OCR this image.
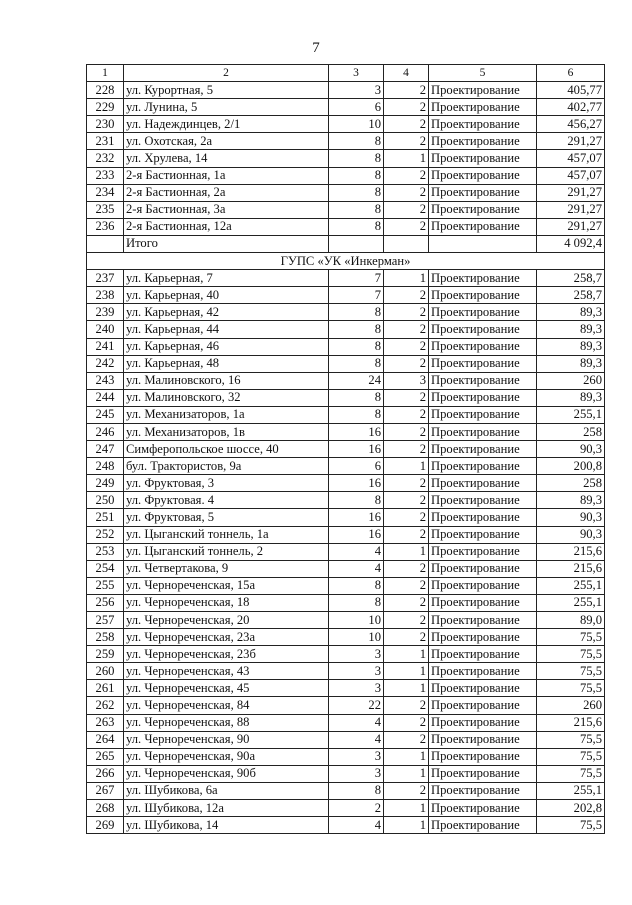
7
1	2	3	4	5	6
228	ул. Курортная, 5	3	2	Проектирование	405,77
229	ул. Лунина, 5	6	2	Проектирование	402,77
230	ул. Надеждинцев, 2/1	10	2	Проектирование	456,27
231	ул. Охотская, 2а	8	2	Проектирование	291,27
232	ул. Хрулева, 14	8	1	Проектирование	457,07
233	2-я Бастионная, 1а	8	2	Проектирование	457,07
234	2-я Бастионная, 2а	8	2	Проектирование	291,27
235	2-я Бастионная, 3а	8	2	Проектирование	291,27
236	2-я Бастионная, 12а	8	2	Проектирование	291,27
	Итого				4 092,4
ГУПС «УК «Инкерман»					
237	ул. Карьерная, 7	7	1	Проектирование	258,7
238	ул. Карьерная, 40	7	2	Проектирование	258,7
239	ул. Карьерная, 42	8	2	Проектирование	89,3
240	ул. Карьерная, 44	8	2	Проектирование	89,3
241	ул. Карьерная, 46	8	2	Проектирование	89,3
242	ул. Карьерная, 48	8	2	Проектирование	89,3
243	ул. Малиновского, 16	24	3	Проектирование	260
244	ул. Малиновского, 32	8	2	Проектирование	89,3
245	ул. Механизаторов, 1а	8	2	Проектирование	255,1
246	ул. Механизаторов, 1в	16	2	Проектирование	258
247	Симферопольское шоссе, 40	16	2	Проектирование	90,3
248	бул. Трактористов, 9а	6	1	Проектирование	200,8
249	ул. Фруктовая, 3	16	2	Проектирование	258
250	ул. Фруктовая. 4	8	2	Проектирование	89,3
251	ул. Фруктовая, 5	16	2	Проектирование	90,3
252	ул. Цыганский тоннель, 1а	16	2	Проектирование	90,3
253	ул. Цыганский тоннель, 2	4	1	Проектирование	215,6
254	ул. Четвертакова, 9	4	2	Проектирование	215,6
255	ул. Чернореченская, 15а	8	2	Проектирование	255,1
256	ул. Чернореченская, 18	8	2	Проектирование	255,1
257	ул. Чернореченская, 20	10	2	Проектирование	89,0
258	ул. Чернореченская, 23а	10	2	Проектирование	75,5
259	ул. Чернореченская, 23б	3	1	Проектирование	75,5
260	ул. Чернореченская, 43	3	1	Проектирование	75,5
261	ул. Чернореченская, 45	3	1	Проектирование	75,5
262	ул. Чернореченская, 84	22	2	Проектирование	260
263	ул. Чернореченская, 88	4	2	Проектирование	215,6
264	ул. Чернореченская, 90	4	2	Проектирование	75,5
265	ул. Чернореченская, 90а	3	1	Проектирование	75,5
266	ул. Чернореченская, 90б	3	1	Проектирование	75,5
267	ул. Шубикова, 6а	8	2	Проектирование	255,1
268	ул. Шубикова, 12а	2	1	Проектирование	202,8
269	ул. Шубикова, 14	4	1	Проектирование	75,5
